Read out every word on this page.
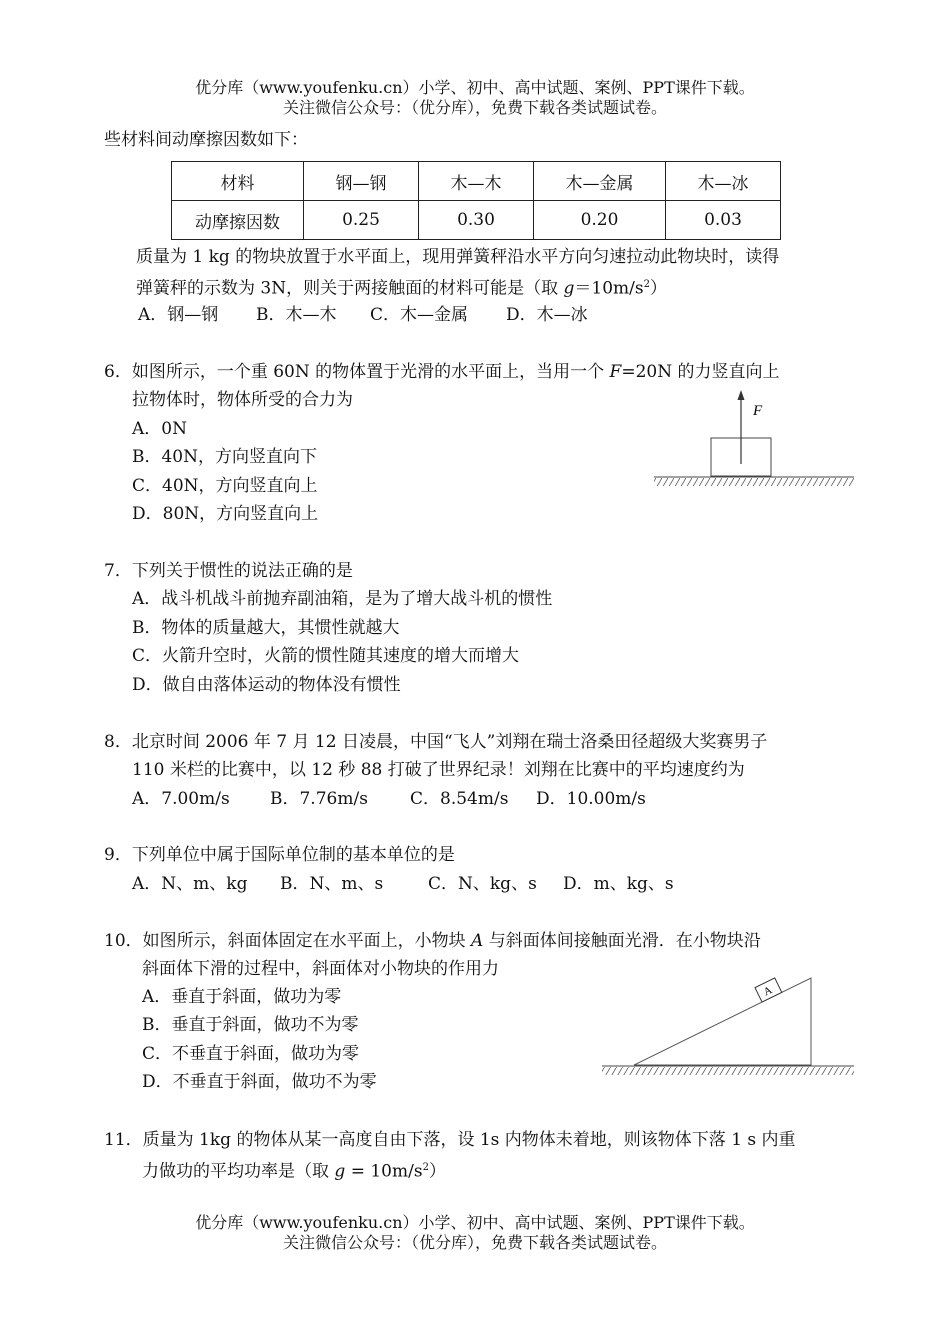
优分库（www.youfenku.cn）小学、初中、高中试题、案例、PPT课件下载。
关注微信公众号：（优分库），免费下载各类试题试卷。
些材料间动摩擦因数如下：
材料	钢—钢	木—木	木—金属	木—冰
动摩擦因数	0.25	0.30	0.20	0.03
质量为 1 kg 的物块放置于水平面上，现用弹簧秤沿水平方向匀速拉动此物块时，读得
弹簧秤的示数为 3N，则关于两接触面的材料可能是（取 $g=10m/s^2$）
A．钢—钢 B．木—木 C．木—金属 D．木—冰
6．如图所示，一个重 60N 的物体置于光滑的水平面上，当用一个 F=20N 的力竖直向上
拉物体时，物体所受的合力为
A．0N
B．40N，方向竖直向下
C．40N，方向竖直向上
D．80N，方向竖直向上
F
7．下列关于惯性的说法正确的是
A．战斗机战斗前抛弃副油箱，是为了增大战斗机的惯性
B．物体的质量越大，其惯性就越大
C．火箭升空时，火箭的惯性随其速度的增大而增大
D．做自由落体运动的物体没有惯性
8．北京时间 2006 年 7 月 12 日凌晨，中国“飞人”刘翔在瑞士洛桑田径超级大奖赛男子
110 米栏的比赛中，以 12 秒 88 打破了世界纪录！刘翔在比赛中的平均速度约为
A．7.00m/s B．7.76m/s C．8.54m/s D．10.00m/s
9．下列单位中属于国际单位制的基本单位的是
A．N、m、kg B．N、m、s	C．N、kg、s D．m、kg、s
10．如图所示，斜面体固定在水平面上，小物块 A 与斜面体间接触面光滑．在小物块沿
斜面体下滑的过程中，斜面体对小物块的作用力
A．垂直于斜面，做功为零
B．垂直于斜面，做功不为零
C．不垂直于斜面，做功为零
D．不垂直于斜面，做功不为零
A
11．质量为 1kg 的物体从某一高度自由下落，设 1s 内物体未着地，则该物体下落 1 s 内重
力做功的平均功率是（取 $g = 10m/s^2$）
优分库（www.youfenku.cn）小学、初中、高中试题、案例、PPT课件下载。
关注微信公众号：（优分库），免费下载各类试题试卷。
